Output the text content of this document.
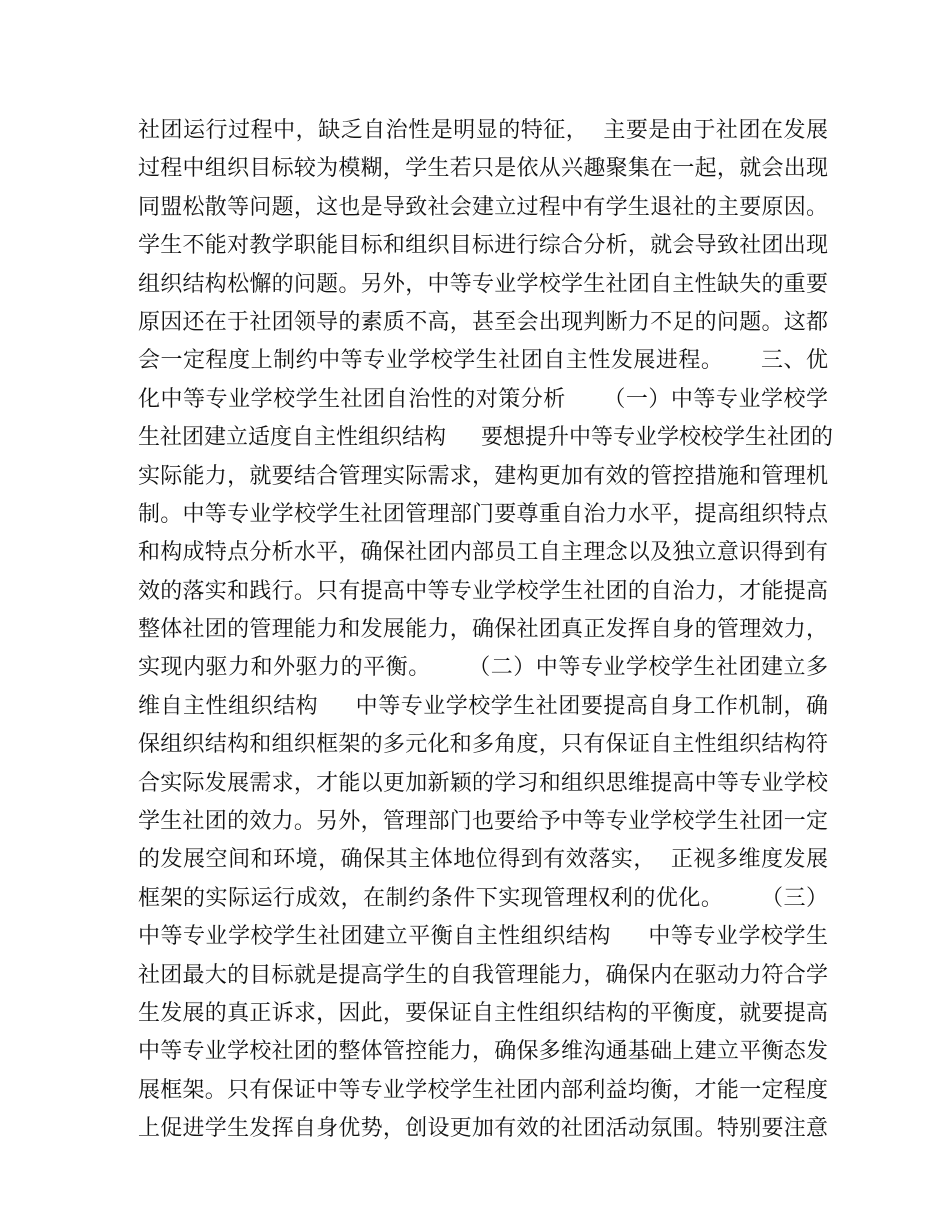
社团运行过程中，缺乏自治性是明显的特征，  主要是由于社团在发展
过程中组织目标较为模糊，学生若只是依从兴趣聚集在一起，就会出现
同盟松散等问题，这也是导致社会建立过程中有学生退社的主要原因。
学生不能对教学职能目标和组织目标进行综合分析，就会导致社团出现
组织结构松懈的问题。另外，中等专业学校学生社团自主性缺失的重要
原因还在于社团领导的素质不高，甚至会出现判断力不足的问题。这都
会一定程度上制约中等专业学校学生社团自主性发展进程。     三、优
化中等专业学校学生社团自治性的对策分析     （一）中等专业学校学
生社团建立适度自主性组织结构     要想提升中等专业学校校学生社团的
实际能力，就要结合管理实际需求，建构更加有效的管控措施和管理机
制。中等专业学校学生社团管理部门要尊重自治力水平，提高组织特点
和构成特点分析水平，确保社团内部员工自主理念以及独立意识得到有
效的落实和践行。只有提高中等专业学校学生社团的自治力，才能提高
整体社团的管理能力和发展能力，确保社团真正发挥自身的管理效力，
实现内驱力和外驱力的平衡。     （二）中等专业学校学生社团建立多
维自主性组织结构     中等专业学校学生社团要提高自身工作机制，确
保组织结构和组织框架的多元化和多角度，只有保证自主性组织结构符
合实际发展需求，才能以更加新颖的学习和组织思维提高中等专业学校
学生社团的效力。另外，管理部门也要给予中等专业学校学生社团一定
的发展空间和环境，确保其主体地位得到有效落实，  正视多维度发展
框架的实际运行成效，在制约条件下实现管理权利的优化。     （三）
中等专业学校学生社团建立平衡自主性组织结构     中等专业学校学生
社团最大的目标就是提高学生的自我管理能力，确保内在驱动力符合学
生发展的真正诉求，因此，要保证自主性组织结构的平衡度，就要提高
中等专业学校社团的整体管控能力，确保多维沟通基础上建立平衡态发
展框架。只有保证中等专业学校学生社团内部利益均衡，才能一定程度
上促进学生发挥自身优势，创设更加有效的社团活动氛围。特别要注意
